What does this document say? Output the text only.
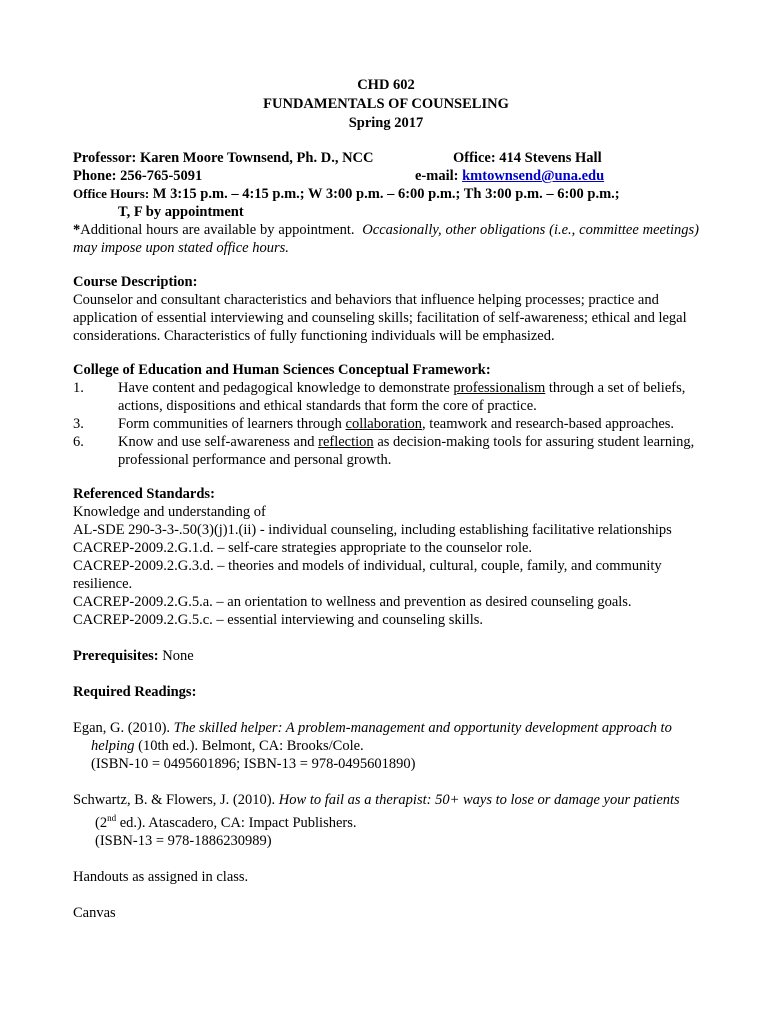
CHD 602
FUNDAMENTALS OF COUNSELING
Spring 2017
Professor: Karen Moore Townsend, Ph. D., NCC	Office: 414 Stevens Hall
Phone: 256-765-5091	e-mail: kmtownsend@una.edu
Office Hours: M 3:15 p.m. – 4:15 p.m.; W 3:00 p.m. – 6:00 p.m.; Th 3:00 p.m. – 6:00 p.m.;
T, F by appointment
*Additional hours are available by appointment. Occasionally, other obligations (i.e., committee meetings) may impose upon stated office hours.
Course Description:
Counselor and consultant characteristics and behaviors that influence helping processes; practice and application of essential interviewing and counseling skills; facilitation of self-awareness; ethical and legal considerations. Characteristics of fully functioning individuals will be emphasized.
College of Education and Human Sciences Conceptual Framework:
1.	Have content and pedagogical knowledge to demonstrate professionalism through a set of beliefs, actions, dispositions and ethical standards that form the core of practice.
3.	Form communities of learners through collaboration, teamwork and research-based approaches.
6.	Know and use self-awareness and reflection as decision-making tools for assuring student learning, professional performance and personal growth.
Referenced Standards:
Knowledge and understanding of
AL-SDE 290-3-3-.50(3)(j)1.(ii) - individual counseling, including establishing facilitative relationships
CACREP-2009.2.G.1.d. – self-care strategies appropriate to the counselor role.
CACREP-2009.2.G.3.d. – theories and models of individual, cultural, couple, family, and community resilience.
CACREP-2009.2.G.5.a. – an orientation to wellness and prevention as desired counseling goals.
CACREP-2009.2.G.5.c. – essential interviewing and counseling skills.
Prerequisites: None
Required Readings:
Egan, G. (2010). The skilled helper: A problem-management and opportunity development approach to helping (10th ed.). Belmont, CA: Brooks/Cole.
(ISBN-10 = 0495601896; ISBN-13 = 978-0495601890)
Schwartz, B. & Flowers, J. (2010). How to fail as a therapist: 50+ ways to lose or damage your patients (2nd ed.). Atascadero, CA: Impact Publishers.
(ISBN-13 = 978-1886230989)
Handouts as assigned in class.
Canvas
